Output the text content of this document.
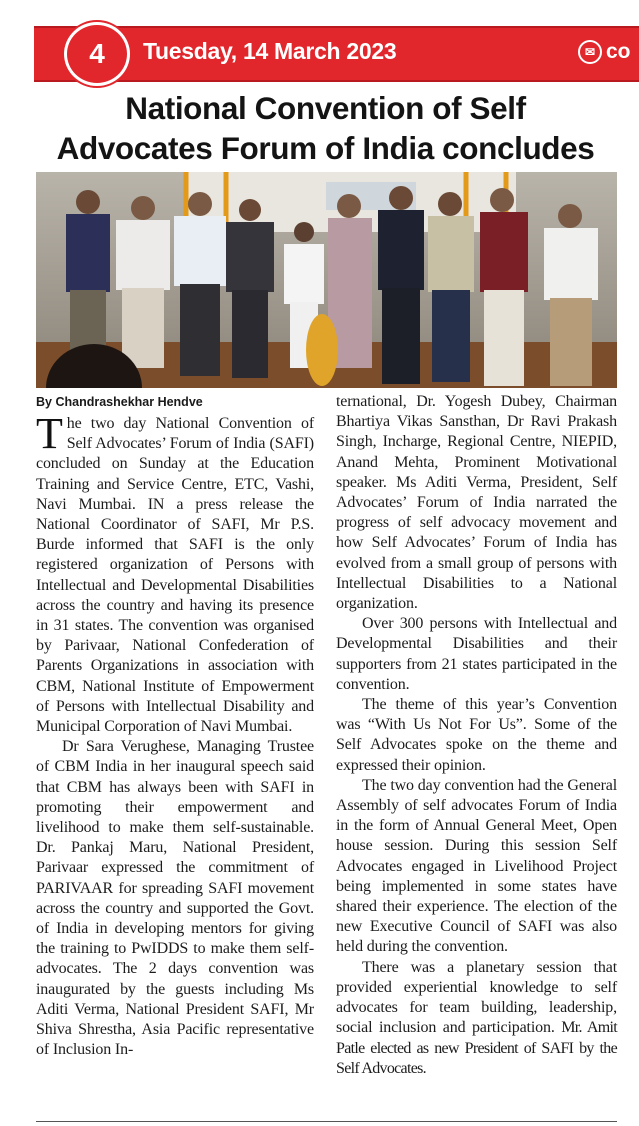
4	Tuesday, 14 March 2023	✉ co
National Convention of Self
Advocates Forum of India concludes
By Chandrashekhar Hendve

The two day National Convention of Self Advocates’ Forum of India (SAFI) concluded on Sunday at the Education Training and Service Centre, ETC, Vashi, Navi Mumbai. IN a press release the National Coordinator of SAFI, Mr P.S. Burde informed that SAFI is the only registered organization of Persons with Intellectual and Developmental Disabilities across the country and having its presence in 31 states. The convention was organised by Parivaar, National Confederation of Parents Organizations in association with CBM, National Institute of Empowerment of Persons with Intellectual Disability and Municipal Corporation of Navi Mumbai.

Dr Sara Verughese, Managing Trustee of CBM India in her inaugural speech said that CBM has always been with SAFI in promoting their empowerment and livelihood to make them self-sustainable. Dr. Pankaj Maru, National President, Parivaar expressed the commitment of PARIVAAR for spreading SAFI movement across the country and supported the Govt. of India in developing mentors for giving the training to PwIDDS to make them self-advocates. The 2 days convention was inaugurated by the guests including Ms Aditi Verma, National President SAFI, Mr Shiva Shrestha, Asia Pacific representative of Inclusion In-

ternational, Dr. Yogesh Dubey, Chairman Bhartiya Vikas Sansthan, Dr Ravi Prakash Singh, Incharge, Regional Centre, NIEPID, Anand Mehta, Prominent Motivational speaker. Ms Aditi Verma, President, Self Advocates’ Forum of India narrated the progress of self advocacy movement and how Self Advocates’ Forum of India has evolved from a small group of persons with Intellectual Disabilities to a National organization.

Over 300 persons with Intellectual and Developmental Disabilities and their supporters from 21 states participated in the convention.

The theme of this year’s Convention was “With Us Not For Us”. Some of the Self Advocates spoke on the theme and expressed their opinion.

The two day convention had the General Assembly of self advocates Forum of India in the form of Annual General Meet, Open house session. During this session Self Advocates engaged in Livelihood Project being implemented in some states have shared their experience. The election of the new Executive Council of SAFI was also held during the convention.

There was a planetary session that provided experiential knowledge to self advocates for team building, leadership, social inclusion and participation. Mr. Amit Patle elected as new President of SAFI by the Self Advocates.
